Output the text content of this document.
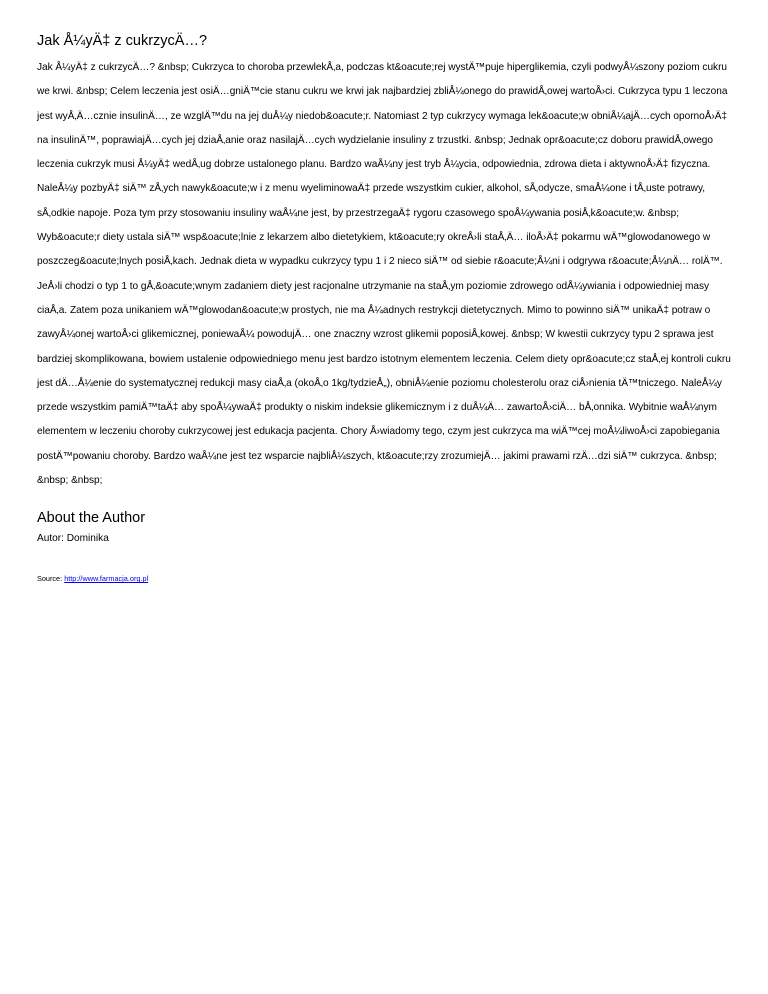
Jak Å¼yÄ‡ z cukrzycÄ…?

Jak Å¼yÄ‡ z cukrzycÄ…? &nbsp; Cukrzyca to choroba przewlekÅ‚a, podczas kt&oacute;rej wystÄ™puje hiperglikemia, czyli podwyÅ¼szony poziom cukru we krwi. &nbsp; Celem leczenia jest osiÄ…gniÄ™cie stanu cukru we krwi jak najbardziej zbliÅ¼onego do prawidÅ‚owej wartoÅ›ci. Cukrzyca typu 1 leczona jest wyÅ‚Ä…cznie insulinÄ…, ze wzglÄ™du na jej duÅ¼y niedob&oacute;r. Natomiast 2 typ cukrzycy wymaga lek&oacute;w obniÅ¼ajÄ…cych opornoÅ›Ä‡ na insulinÄ™, poprawiajÄ…cych jej dziaÅ‚anie oraz nasilajÄ…cych wydzielanie insuliny z trzustki. &nbsp; Jednak opr&oacute;cz doboru prawidÅ‚owego leczenia cukrzyk musi Å¼yÄ‡ wedÅ‚ug dobrze ustalonego planu. Bardzo waÅ¼ny jest tryb Å¼ycia, odpowiednia, zdrowa dieta i aktywnoÅ›Ä‡ fizyczna. NaleÅ¼y pozbyÄ‡ siÄ™ zÅ‚ych nawyk&oacute;w i z menu wyeliminowaÄ‡ przede wszystkim cukier, alkohol, sÅ‚odycze, smaÅ¼one i tÅ‚uste potrawy, sÅ‚odkie napoje. Poza tym przy stosowaniu insuliny waÅ¼ne jest, by przestrzegaÄ‡ rygoru czasowego spoÅ¼ywania posiÅ‚k&oacute;w. &nbsp; Wyb&oacute;r diety ustala siÄ™ wsp&oacute;lnie z lekarzem albo dietetykiem, kt&oacute;ry okreÅ›li staÅ‚Ä… iloÅ›Ä‡ pokarmu wÄ™glowodanowego w poszczeg&oacute;lnych posiÅ‚kach. Jednak dieta w wypadku cukrzycy typu 1 i 2 nieco siÄ™ od siebie r&oacute;Å¼ni i odgrywa r&oacute;Å¼nÄ… rolÄ™. JeÅ›li chodzi o typ 1 to gÅ‚&oacute;wnym zadaniem diety jest racjonalne utrzymanie na staÅ‚ym poziomie zdrowego odÅ¼ywiania i odpowiedniej masy ciaÅ‚a. Zatem poza unikaniem wÄ™glowodan&oacute;w prostych, nie ma Å¼adnych restrykcji dietetycznych. Mimo to powinno siÄ™ unikaÄ‡ potraw o zawyÅ¼onej wartoÅ›ci glikemicznej, poniewaÅ¼ powodujÄ… one znaczny wzrost glikemii poposiÅ‚kowej. &nbsp; W kwestii cukrzycy typu 2 sprawa jest bardziej skomplikowana, bowiem ustalenie odpowiedniego menu jest bardzo istotnym elementem leczenia. Celem diety opr&oacute;cz staÅ‚ej kontroli cukru jest dÄ…Å¼enie do systematycznej redukcji masy ciaÅ‚a (okoÅ‚o 1kg/tydzieÅ„), obniÅ¼enie poziomu cholesterolu oraz ciÅ›nienia tÄ™tniczego. NaleÅ¼y przede wszystkim pamiÄ™taÄ‡ aby spoÅ¼ywaÄ‡ produkty o niskim indeksie glikemicznym i z duÅ¼Ä… zawartoÅ›ciÄ… bÅ‚onnika. Wybitnie waÅ¼nym elementem w leczeniu choroby cukrzycowej jest edukacja pacjenta. Chory Å›wiadomy tego, czym jest cukrzyca ma wiÄ™cej moÅ¼liwoÅ›ci zapobiegania postÄ™powaniu choroby. Bardzo waÅ¼ne jest tez wsparcie najbliÅ¼szych, kt&oacute;rzy zrozumiejÄ… jakimi prawami rzÄ…dzi siÄ™ cukrzyca. &nbsp; &nbsp; &nbsp;

About the Author

Autor: Dominika

Source: http://www.farmacja.org.pl
